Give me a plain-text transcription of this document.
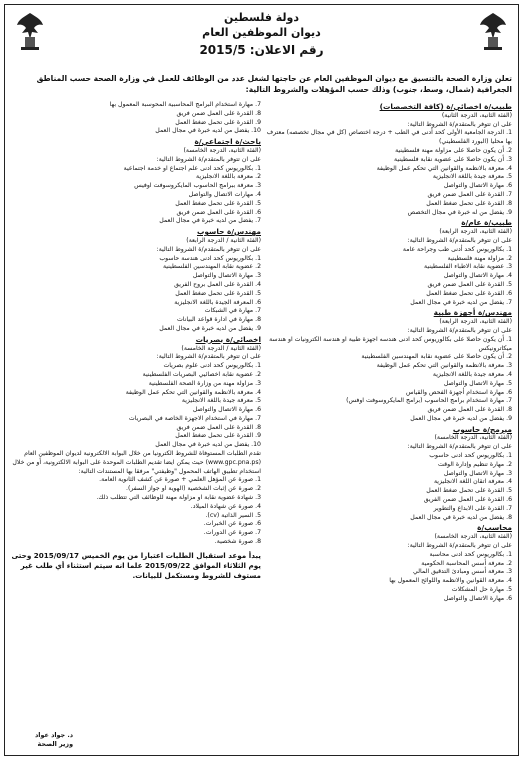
دولة فلسطين
ديوان الموظفين العام
رقم الاعلان: 2015/5
تعلن وزارة الصحة بالتنسيق مع ديوان الموظفين العام عن حاجتها لشغل عدد من الوظائف للعمل في وزارة الصحة حسب المناطق الجغرافية (شمال، وسط، جنوب) وذلك حسب المؤهلات والشروط التالية:
طبيب/ة اخصائي/ة (كافة التخصصات)
(الفئة الثانية، الدرجة الثانية)
على ان تتوفر بالمتقدم/ة الشروط التالية:
1. الدرجة الجامعية الأولى كحد أدنى في الطب + درجة اختصاص (كل في مجال تخصصه) معترف بها محليا (البورد الفلسطيني)
2. أن يكون حاصلا على مزاولة مهنة فلسطينية
3. أن يكون حاصلا على عضوية نقابة فلسطينية
4. معرفة بالانظمة والقوانين التي تحكم عمل الوظيفة
5. معرفة جيدة باللغة الانجليزية
6. مهارة الاتصال والتواصل
7. القدرة على العمل ضمن فريق
8. القدرة على تحمل ضغط العمل
9. يفضل من له خبرة في مجال التخصص
طبيب/ة عام/ة
(الفئة الثانية، الدرجة الرابعة)
على ان تتوفر بالمتقدم/ة الشروط التالية:
1. بكالوريوس كحد أدنى طب وجراحة عامة
2. مزاولة مهنة فلسطينية
3. عضوية نقابة الاطباء الفلسطينية
4. مهارة الاتصال والتواصل
5. القدرة على العمل ضمن فريق
6. القدرة على تحمل ضغط العمل
7. يفضل من لديه خبرة في مجال العمل
مهندس/ة أجهزة طبية
(الفئة الثانية، الدرجة الرابعة)
على ان تتوفر بالمتقدم/ة الشروط التالية:
1. أن يكون حاصلا على بكالوريوس كحد ادنى هندسه اجهزة طبية او هندسة الكترونيات او هندسة ميكاترونيكس
2. أن يكون حاصلا على عضوية نقابة المهندسين الفلسطينية
3. معرفة بالانظمة والقوانين التي تحكم عمل الوظيفة
4. معرفة جيدة باللغة الانجليزية
5. مهارة الاتصال والتواصل
6. مهارة استخدام أجهزة الفحص والقياس
7. مهارة استخدام برامج الحاسوب (برامج المايكروسوفت اوفس)
8. القدرة على العمل ضمن فريق
9. يفضل من لديه خبرة في مجال العمل
مبرمج/ة حاسوب
(الفئة الثانية، الدرجة الخامسة)
على ان تتوفر بالمتقدم/ة الشروط التالية:
1. بكالوريوس كحد ادنى حاسوب
2. مهارة تنظيم وإدارة الوقت
3. مهارة الاتصال والتواصل
4. معرفة اتقان اللغة الانجليزية
5. القدرة على تحمل ضغط العمل
6. القدرة على العمل ضمن الفريق
7. القدرة على الابداع والتطوير
8. يفضل من لديه خبرة في مجال العمل
محاسب/ة
(الفئة الثانية، الدرجة الخامسة)
على ان تتوفر بالمتقدم/ة الشروط التالية:
1. بكالوريوس كحد ادنى محاسبة
2. معرفة أسس المحاسبة الحكومية
3. معرفة أسس ومبادئ التدقيق المالي
4. معرفة القوانين والانظمة واللوائح المعمول بها
5. مهارة حل المشكلات
6. مهارة الاتصال والتواصل
7. مهارة استخدام البرامج المحاسبية المحوسبة المعمول بها
8. القدرة على العمل ضمن فريق
9. القدرة على تحمل ضغط العمل
10. يفضل من لديه خبرة في مجال العمل
باحث/ة اجتماعي/ة
(الفئة الثانية، الدرجة الخامسة)
على ان تتوفر بالمتقدم/ة الشروط التالية:
1. بكالوريوس كحد ادنى علم اجتماع او خدمة اجتماعية
2. معرفة باللغة الانجليزية
3. معرفة ببرامج الحاسوب المايكروسوفت اوفيس
4. مهارات الاتصال والتواصل
5. القدرة على تحمل ضغط العمل
6. القدرة على العمل ضمن فريق
7. يفضل من لديه خبرة في مجال العمل
مهندس/ة حاسوب
(الفئة الثانية / الدرجة الرابعة)
على ان تتوفر بالمتقدم/ة الشروط التالية:
1. بكالوريوس كحد ادنى هندسة حاسوب
2. عضوية نقابة المهندسين الفلسطينية
3. مهارة الاتصال والتواصل
4. القدرة على العمل بروح الفريق
5. القدرة على تحمل ضغط العمل
6. المعرفة الجيدة باللغة الانجليزية
7. مهارة في الشبكات
8. مهارة في ادارة قواعد البيانات
9. يفضل من لديه خبرة في مجال العمل
اخصائي/ة بصريات
(الفئة الثانية / الدرجة الخامسة)
على ان تتوفر بالمتقدم/ة الشروط التالية:
1. بكالوريوس كحد ادنى علوم بصريات
2. عضوية نقابة اخصائيي البصريات الفلسطينية
3. مزاولة مهنة من وزارة الصحة الفلسطينية
4. معرفة بالانظمة والقوانين التي تحكم عمل الوظيفة
5. معرفة جيدة باللغة الانجليزية
6. مهارة الاتصال والتواصل
7. مهارة في استخدام الاجهزة الخاصة في البصريات
8. القدرة على العمل ضمن فريق
9. القدرة على تحمل ضغط العمل
10. يفضل من لديه خبرة في مجال العمل
تقدم الطلبات المستوفاة للشروط الكترونيا من خلال البوابة الالكترونية لديوان الموظفين العام (www.gpc.pna.ps) حيث يمكن ايضا تقديم الطلبات الموحدة على البوابة الالكترونية، أو من خلال استخدام تطبيق الهاتف المحمول "وظيفتي" مرفقا بها المستندات التالية:
1. صورة عن المؤهل العلمي + صورة عن كشف الثانوية العامة.
2. صورة عن إثبات الشخصية (الهوية او جواز السفر).
3. شهادة عضوية نقابة او مزاولة مهنة للوظائف التي تتطلب ذلك.
4. صورة عن شهادة الميلاد.
5. السير الذاتية (cv).
6. صورة عن الخبرات.
7. صورة عن الدورات.
8. صورة شخصية.
يبدأ موعد استقبال الطلبات اعتبارا من يوم الخميس 2015/09/17 وحتى يوم الثلاثاء الموافق 2015/09/22 علما انه سيتم استثناء أي طلب غير مستوف للشروط ومستكمل للبيانات.
د. جواد عواد
وزير الصحة
